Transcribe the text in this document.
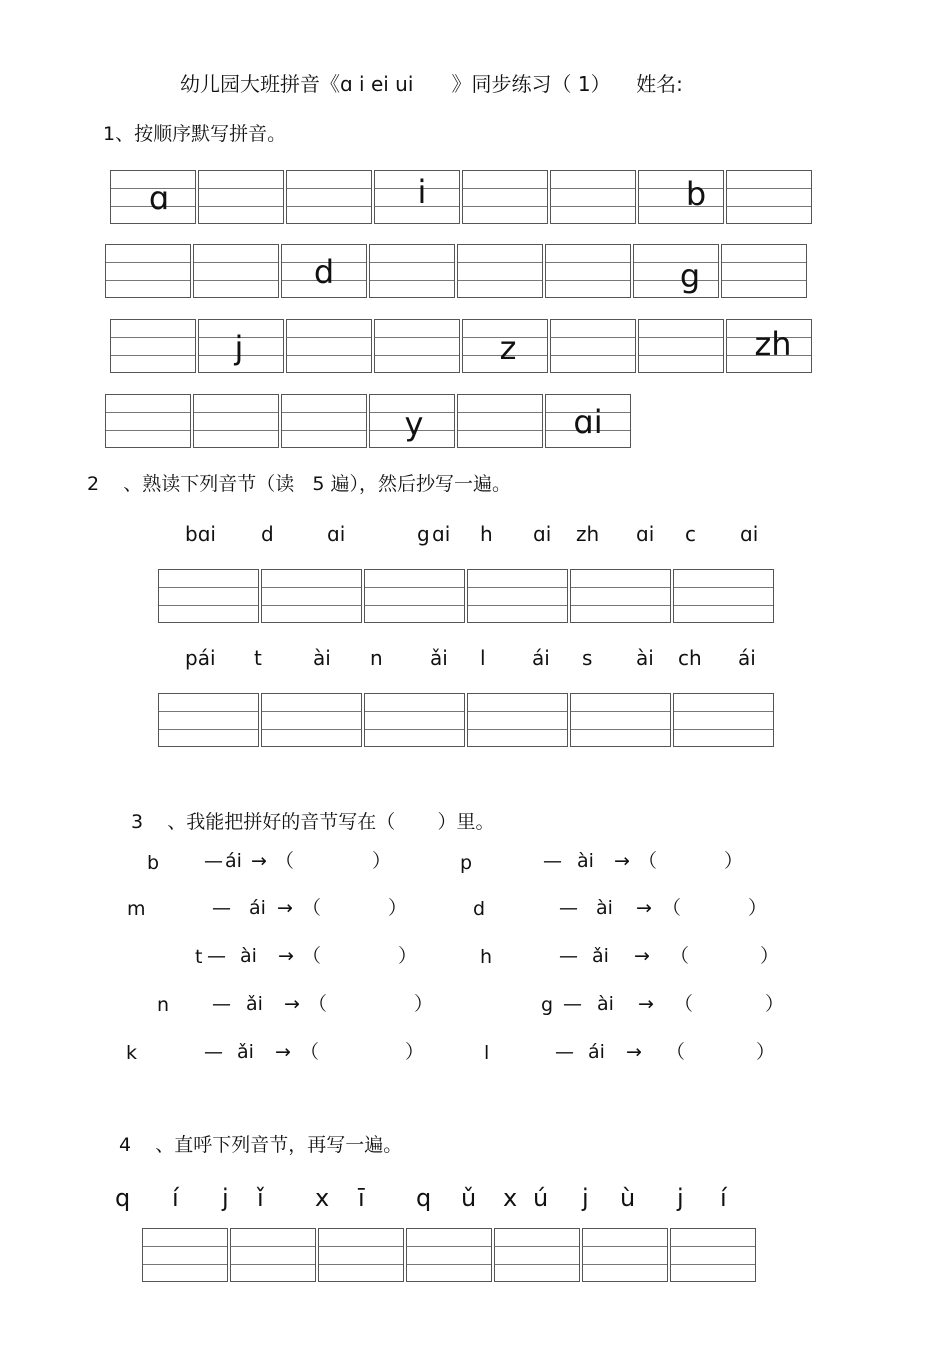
幼儿园大班拼音《ɑ i ei ui      》同步练习（ 1）    姓名:
1、按顺序默写拼音。
ɑ	i	b
d	g
j	z	zh
y	ɑi
2    、熟读下列音节（读   5 遍），然后抄写一遍。
bɑi d	ɑi	g ɑi h ɑi zh ɑi c ɑi
pái t	ài n ǎi l ái s ài ch ái
3    、我能把拼好的音节写在（       ）里。
b — ái → （	）	p	— ài → （	）
m	— ái → （	）	d	— ài → （	）
t — ài → （	）	h	— ǎi → （	）
n — ǎi → （	）	g — ài → （	）
k	— ǎi → （	）	l	— ái → （	）
4    、直呼下列音节，再写一遍。
q í j ǐ x ī q ǔ x ú j ù j í
